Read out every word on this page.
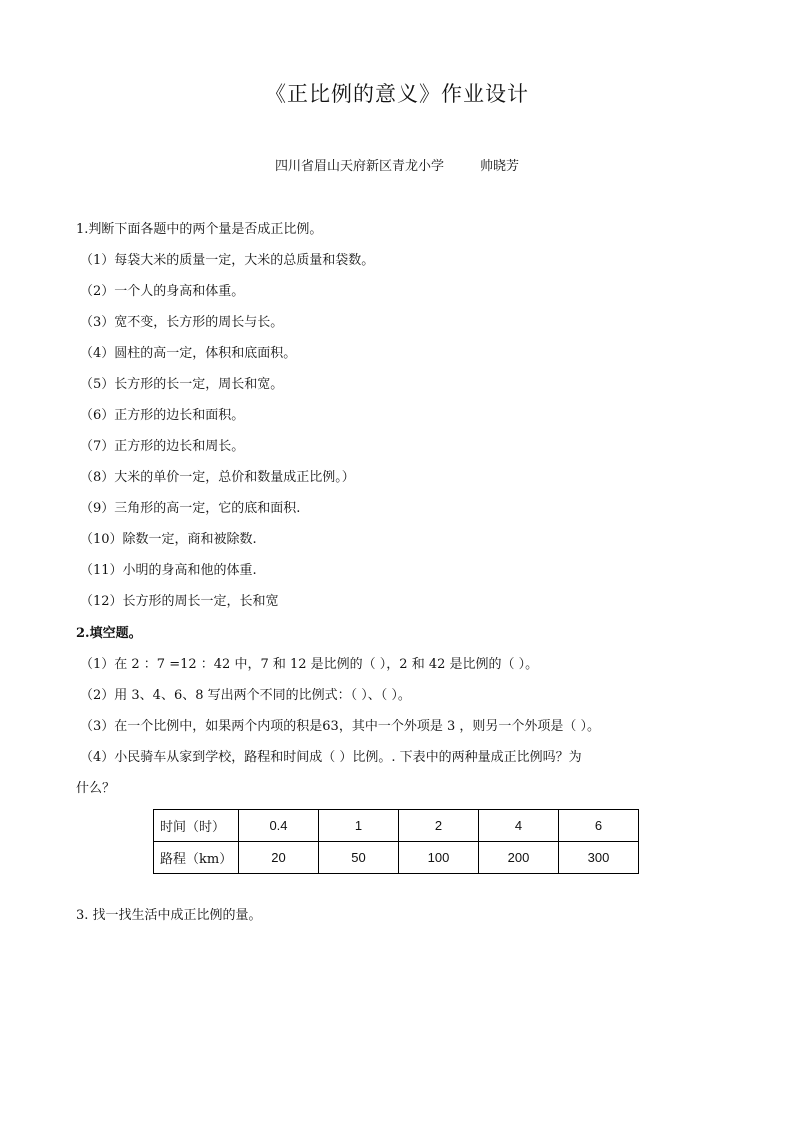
《正比例的意义》作业设计
四川省眉山天府新区青龙小学	帅晓芳
1.判断下面各题中的两个量是否成正比例。
（1）每袋大米的质量一定，大米的总质量和袋数。
（2）一个人的身高和体重。
（3）宽不变，长方形的周长与长。
（4）圆柱的高一定，体积和底面积。
（5）长方形的长一定，周长和宽。
（6）正方形的边长和面积。
（7）正方形的边长和周长。
（8）大米的单价一定，总价和数量成正比例。）
（9）三角形的高一定，它的底和面积.
（10）除数一定，商和被除数.
（11）小明的身高和他的体重.
（12）长方形的周长一定，长和宽
2.填空题。
（1）在 2 ：7 =12 ：42 中，7 和 12 是比例的（ ），2 和 42 是比例的（ ）。
（2）用 3、4、6、8 写出两个不同的比例式：（ ）、（ ）。
（3）在一个比例中，如果两个内项的积是63，其中一个外项是 3 ，则另一个外项是（ ）。
（4）小民骑车从家到学校，路程和时间成（ ）比例。. 下表中的两种量成正比例吗？为
什么？
时间（时）	0.4	1	2	4	6
路程（km）	20	50	100	200	300
3. 找一找生活中成正比例的量。
